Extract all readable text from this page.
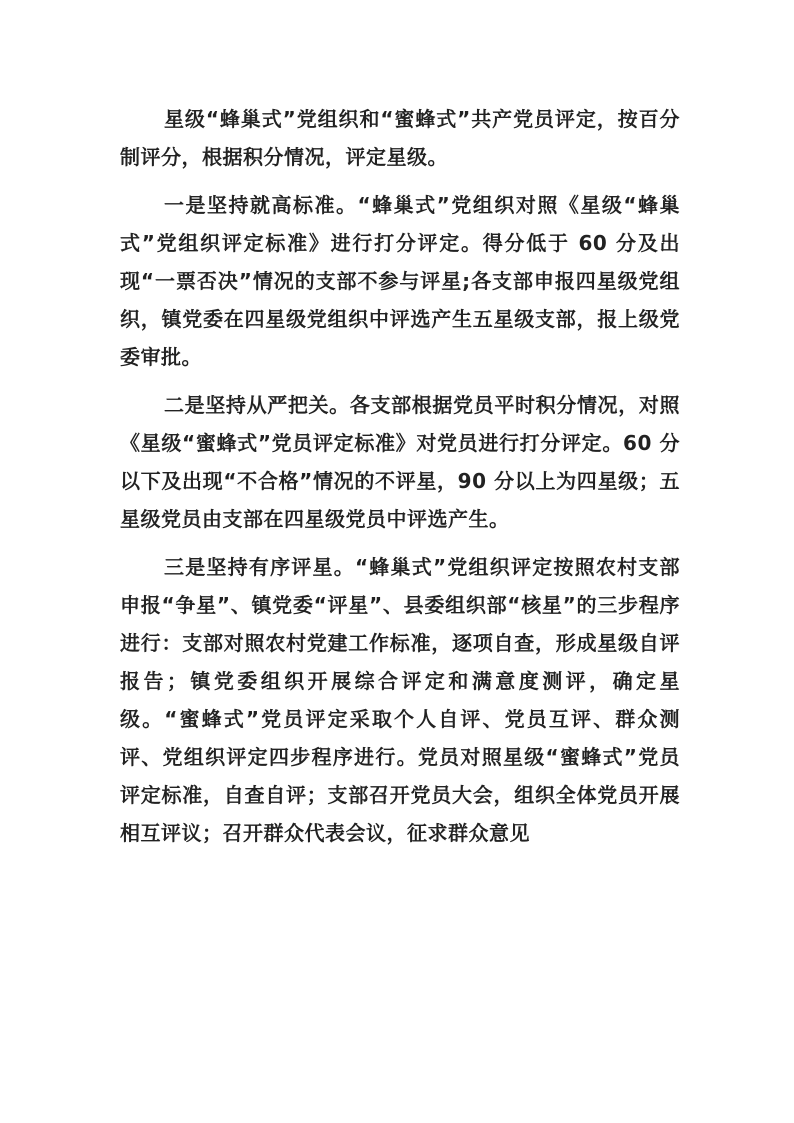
星级“蜂巢式”党组织和“蜜蜂式”共产党员评定，按百分制评分，根据积分情况，评定星级。

一是坚持就高标准。“蜂巢式”党组织对照《星级“蜂巢式”党组织评定标准》进行打分评定。得分低于 60 分及出现“一票否决”情况的支部不参与评星;各支部申报四星级党组织，镇党委在四星级党组织中评选产生五星级支部，报上级党委审批。

二是坚持从严把关。各支部根据党员平时积分情况，对照《星级“蜜蜂式”党员评定标准》对党员进行打分评定。60 分以下及出现“不合格”情况的不评星，90 分以上为四星级；五星级党员由支部在四星级党员中评选产生。

三是坚持有序评星。“蜂巢式”党组织评定按照农村支部申报“争星”、镇党委“评星”、县委组织部“核星”的三步程序进行：支部对照农村党建工作标准，逐项自查，形成星级自评报告；镇党委组织开展综合评定和满意度测评，确定星级。“蜜蜂式”党员评定采取个人自评、党员互评、群众测评、党组织评定四步程序进行。党员对照星级“蜜蜂式”党员评定标准，自查自评；支部召开党员大会，组织全体党员开展相互评议；召开群众代表会议，征求群众意见
